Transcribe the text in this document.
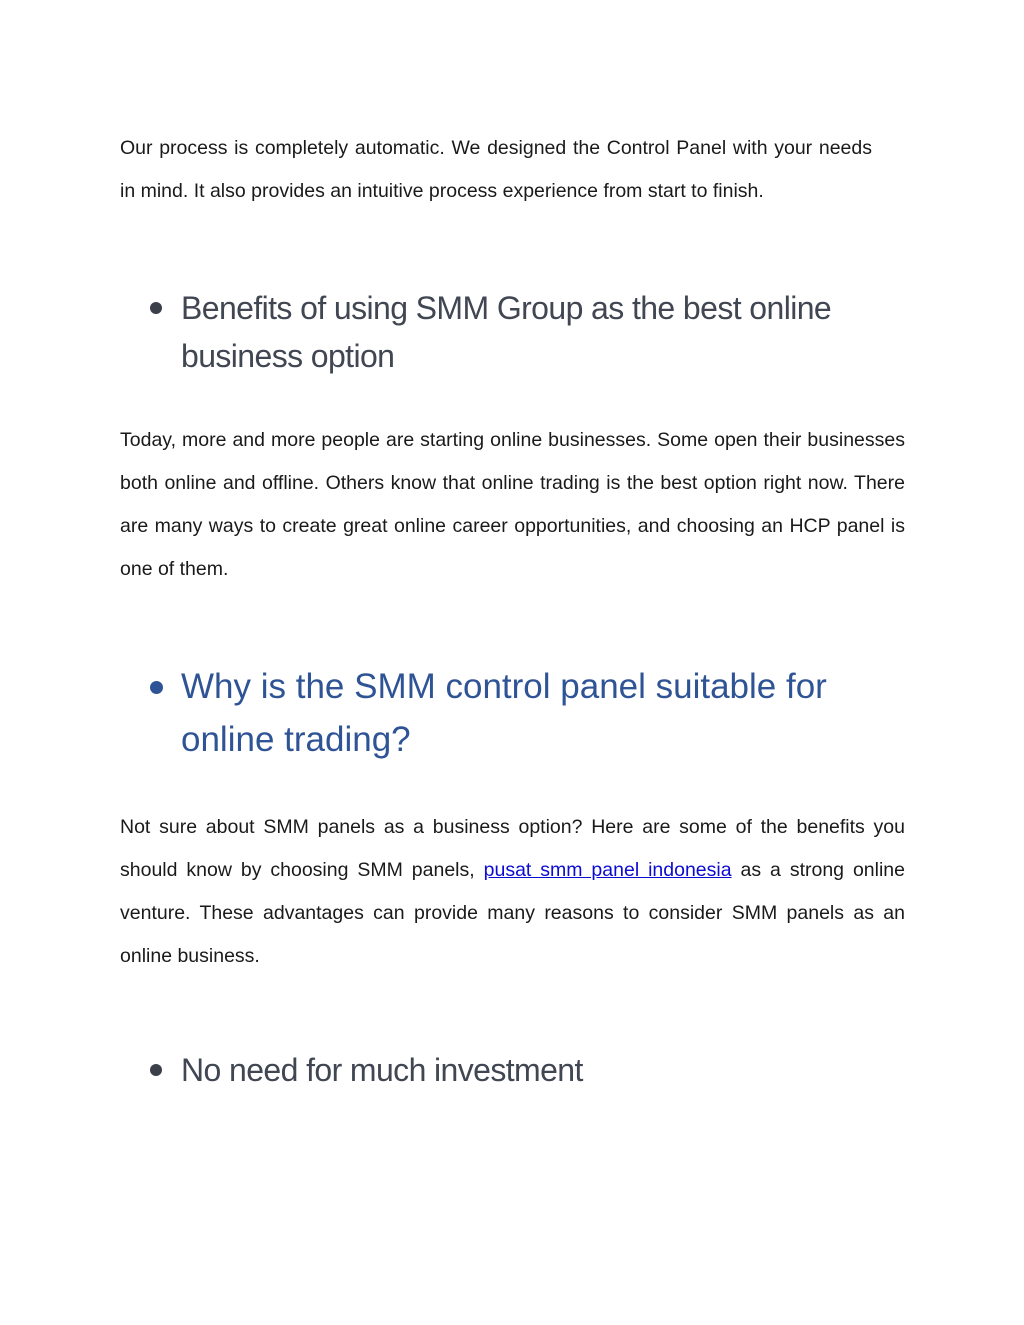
Our process is completely automatic. We designed the Control Panel with your needs in mind. It also provides an intuitive process experience from start to finish.

Benefits of using SMM Group as the best online business option

Today, more and more people are starting online businesses. Some open their businesses both online and offline. Others know that online trading is the best option right now. There are many ways to create great online career opportunities, and choosing an HCP panel is one of them.

Why is the SMM control panel suitable for online trading?

Not sure about SMM panels as a business option? Here are some of the benefits you should know by choosing SMM panels, pusat smm panel indonesia as a strong online venture. These advantages can provide many reasons to consider SMM panels as an online business.

No need for much investment
